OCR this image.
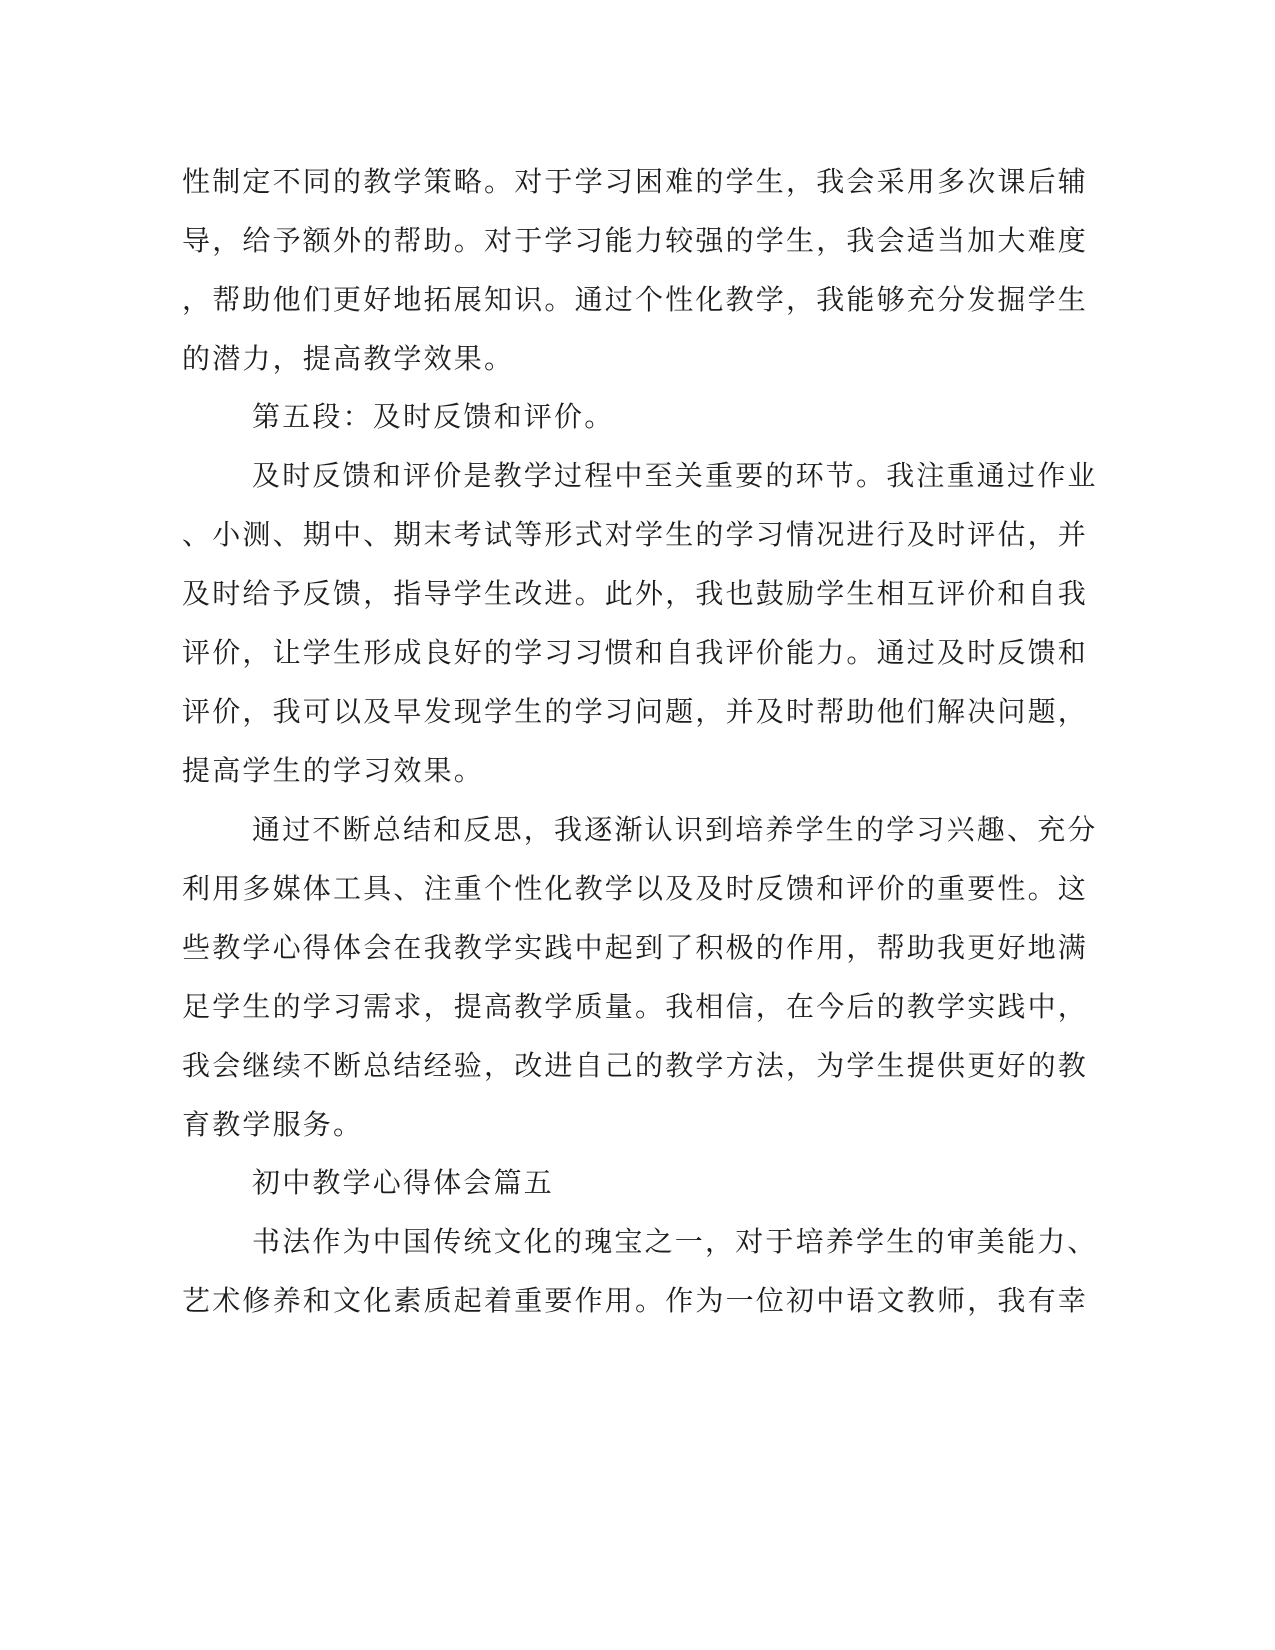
性制定不同的教学策略。对于学习困难的学生，我会采用多次课后辅
导，给予额外的帮助。对于学习能力较强的学生，我会适当加大难度
，帮助他们更好地拓展知识。通过个性化教学，我能够充分发掘学生
的潜力，提高教学效果。
第五段：及时反馈和评价。
及时反馈和评价是教学过程中至关重要的环节。我注重通过作业
、小测、期中、期末考试等形式对学生的学习情况进行及时评估，并
及时给予反馈，指导学生改进。此外，我也鼓励学生相互评价和自我
评价，让学生形成良好的学习习惯和自我评价能力。通过及时反馈和
评价，我可以及早发现学生的学习问题，并及时帮助他们解决问题，
提高学生的学习效果。
通过不断总结和反思，我逐渐认识到培养学生的学习兴趣、充分
利用多媒体工具、注重个性化教学以及及时反馈和评价的重要性。这
些教学心得体会在我教学实践中起到了积极的作用，帮助我更好地满
足学生的学习需求，提高教学质量。我相信，在今后的教学实践中，
我会继续不断总结经验，改进自己的教学方法，为学生提供更好的教
育教学服务。
初中教学心得体会篇五
书法作为中国传统文化的瑰宝之一，对于培养学生的审美能力、
艺术修养和文化素质起着重要作用。作为一位初中语文教师，我有幸
